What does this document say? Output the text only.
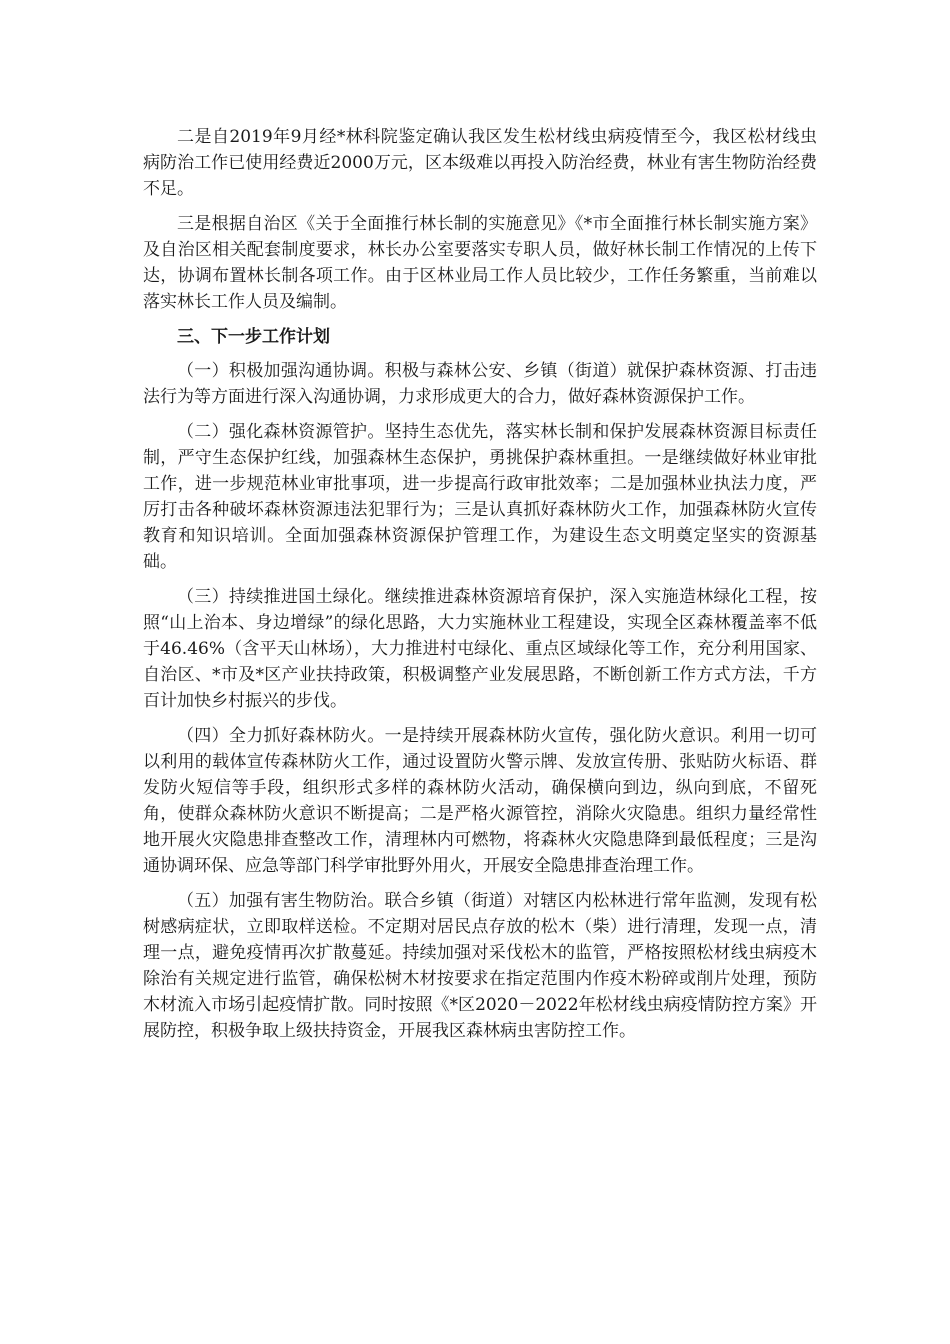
二是自2019年9月经*林科院鉴定确认我区发生松材线虫病疫情至今，我区松材线虫病防治工作已使用经费近2000万元，区本级难以再投入防治经费，林业有害生物防治经费不足。

三是根据自治区《关于全面推行林长制的实施意见》《*市全面推行林长制实施方案》及自治区相关配套制度要求，林长办公室要落实专职人员，做好林长制工作情况的上传下达，协调布置林长制各项工作。由于区林业局工作人员比较少，工作任务繁重，当前难以落实林长工作人员及编制。

三、下一步工作计划

（一）积极加强沟通协调。积极与森林公安、乡镇（街道）就保护森林资源、打击违法行为等方面进行深入沟通协调，力求形成更大的合力，做好森林资源保护工作。

（二）强化森林资源管护。坚持生态优先，落实林长制和保护发展森林资源目标责任制，严守生态保护红线，加强森林生态保护，勇挑保护森林重担。一是继续做好林业审批工作，进一步规范林业审批事项，进一步提高行政审批效率；二是加强林业执法力度，严厉打击各种破坏森林资源违法犯罪行为；三是认真抓好森林防火工作，加强森林防火宣传教育和知识培训。全面加强森林资源保护管理工作，为建设生态文明奠定坚实的资源基础。

（三）持续推进国土绿化。继续推进森林资源培育保护，深入实施造林绿化工程，按照“山上治本、身边增绿”的绿化思路，大力实施林业工程建设，实现全区森林覆盖率不低于46.46%（含平天山林场），大力推进村屯绿化、重点区域绿化等工作，充分利用国家、自治区、*市及*区产业扶持政策，积极调整产业发展思路，不断创新工作方式方法，千方百计加快乡村振兴的步伐。

（四）全力抓好森林防火。一是持续开展森林防火宣传，强化防火意识。利用一切可以利用的载体宣传森林防火工作，通过设置防火警示牌、发放宣传册、张贴防火标语、群发防火短信等手段，组织形式多样的森林防火活动，确保横向到边，纵向到底，不留死角，使群众森林防火意识不断提高；二是严格火源管控，消除火灾隐患。组织力量经常性地开展火灾隐患排查整改工作，清理林内可燃物，将森林火灾隐患降到最低程度；三是沟通协调环保、应急等部门科学审批野外用火，开展安全隐患排查治理工作。

（五）加强有害生物防治。联合乡镇（街道）对辖区内松林进行常年监测，发现有松树感病症状，立即取样送检。不定期对居民点存放的松木（柴）进行清理，发现一点，清理一点，避免疫情再次扩散蔓延。持续加强对采伐松木的监管，严格按照松材线虫病疫木除治有关规定进行监管，确保松树木材按要求在指定范围内作疫木粉碎或削片处理，预防木材流入市场引起疫情扩散。同时按照《*区2020－2022年松材线虫病疫情防控方案》开展防控，积极争取上级扶持资金，开展我区森林病虫害防控工作。
